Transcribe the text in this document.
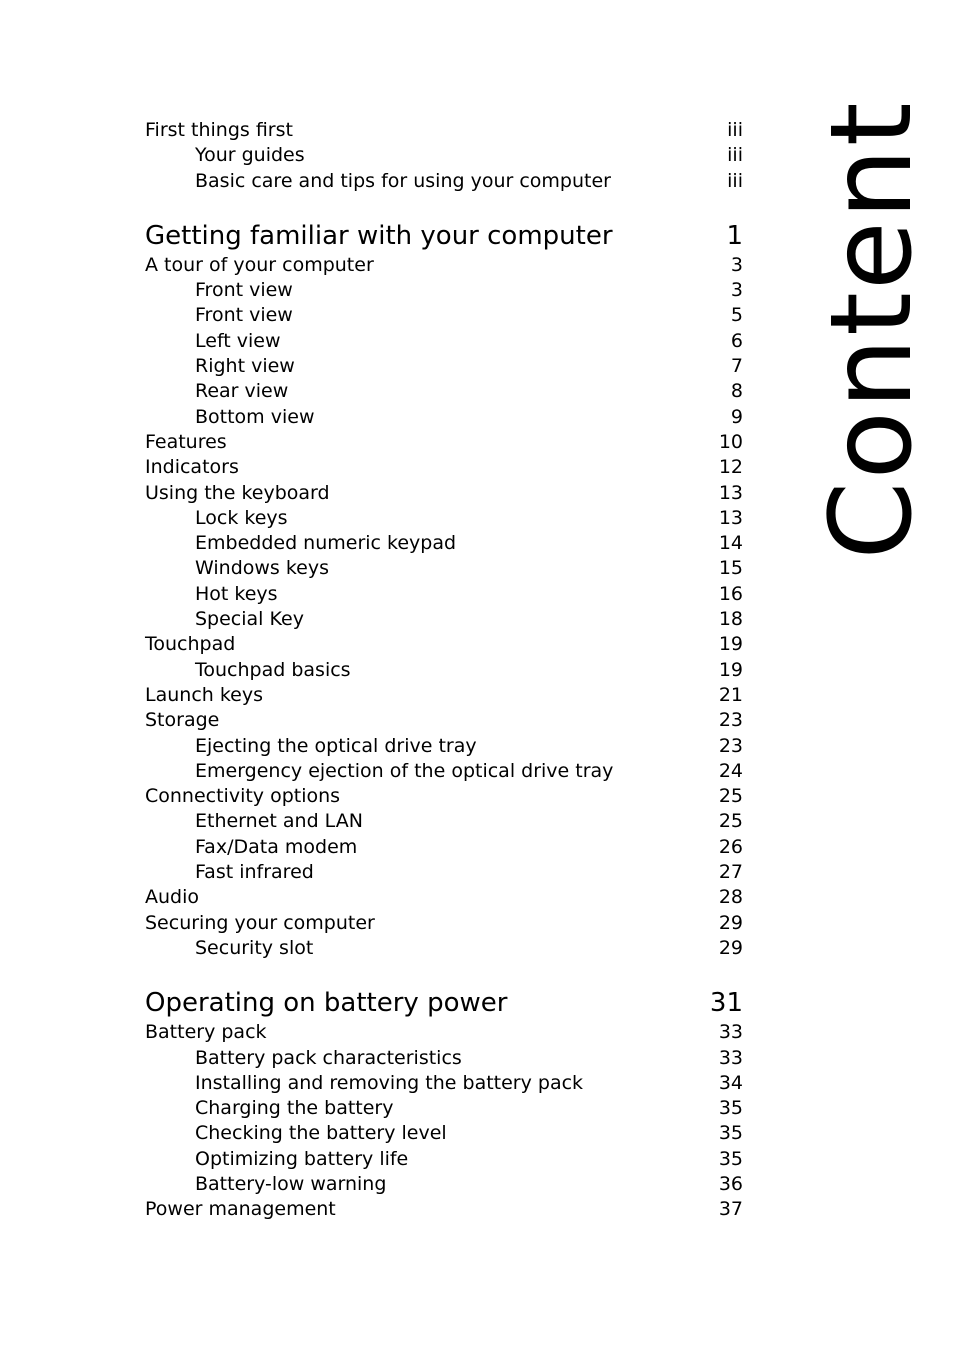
Content
First things first	iii
Your guides	iii
Basic care and tips for using your computer	iii
Getting familiar with your computer	1
A tour of your computer	3
Front view	3
Front view	5
Left view	6
Right view	7
Rear view	8
Bottom view	9
Features	10
Indicators	12
Using the keyboard	13
Lock keys	13
Embedded numeric keypad	14
Windows keys	15
Hot keys	16
Special Key	18
Touchpad	19
Touchpad basics	19
Launch keys	21
Storage	23
Ejecting the optical drive tray	23
Emergency ejection of the optical drive tray	24
Connectivity options	25
Ethernet and LAN	25
Fax/Data modem	26
Fast infrared	27
Audio	28
Securing your computer	29
Security slot	29
Operating on battery power	31
Battery pack	33
Battery pack characteristics	33
Installing and removing the battery pack	34
Charging the battery	35
Checking the battery level	35
Optimizing battery life	35
Battery-low warning	36
Power management	37
